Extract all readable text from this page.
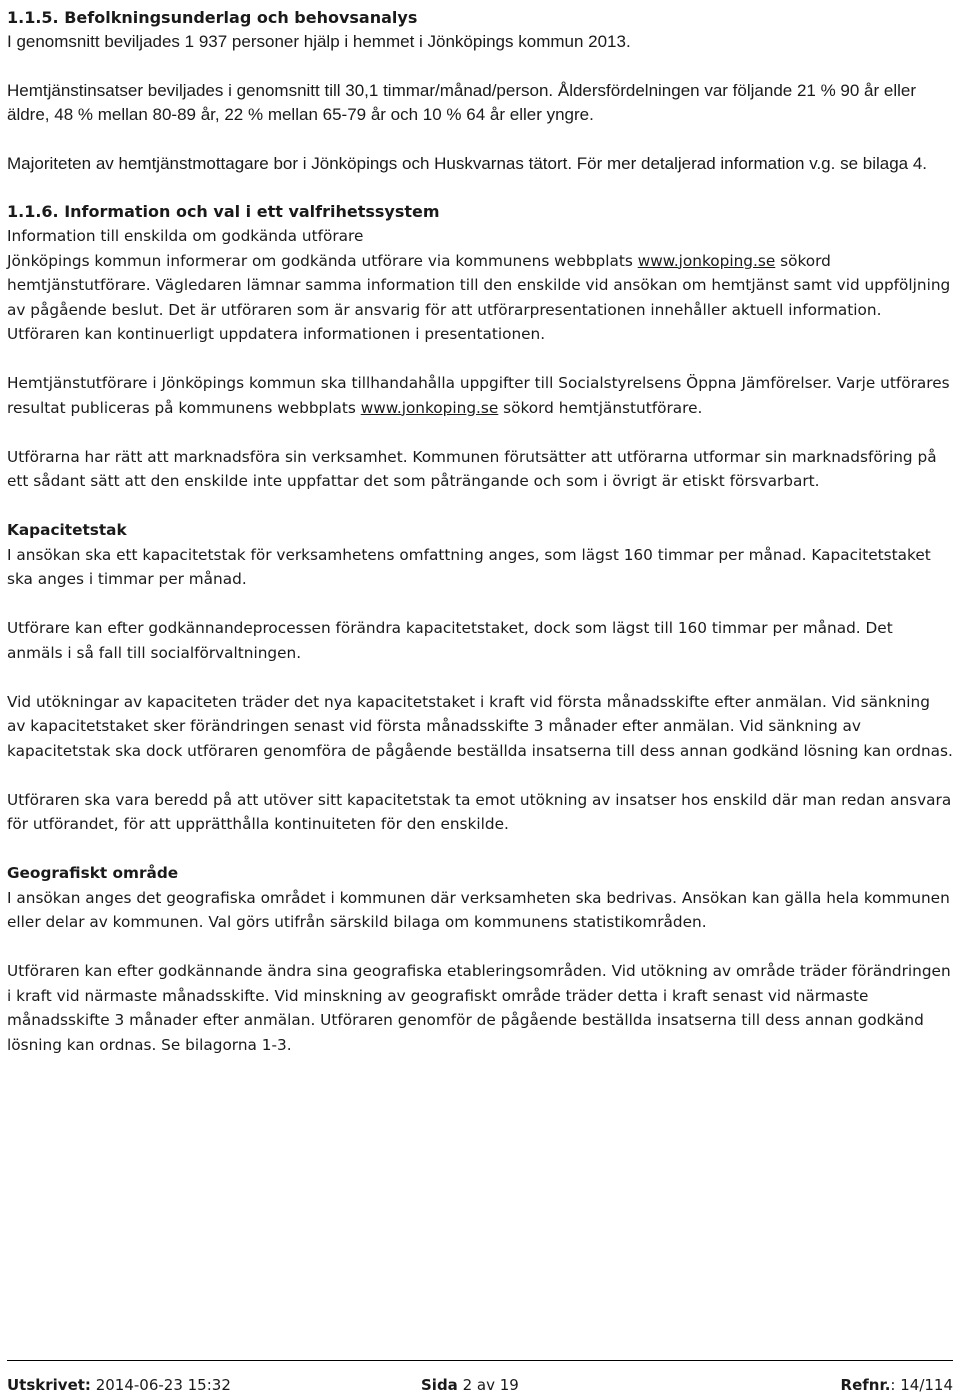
1.1.5. Befolkningsunderlag och behovsanalys

I genomsnitt beviljades 1 937 personer hjälp i hemmet i Jönköpings kommun 2013.

Hemtjänstinsatser beviljades i genomsnitt till 30,1 timmar/månad/person. Åldersfördelningen var följande 21 % 90 år eller äldre, 48 % mellan 80-89 år, 22 % mellan 65-79 år och 10 % 64 år eller yngre.

Majoriteten av hemtjänstmottagare bor i Jönköpings och Huskvarnas tätort. För mer detaljerad information v.g. se bilaga 4.

1.1.6. Information och val i ett valfrihetssystem

Information till enskilda om godkända utförare

Jönköpings kommun informerar om godkända utförare via kommunens webbplats www.jonkoping.se sökord hemtjänstutförare. Vägledaren lämnar samma information till den enskilde vid ansökan om hemtjänst samt vid uppföljning av pågående beslut. Det är utföraren som är ansvarig för att utförarpresentationen innehåller aktuell information. Utföraren kan kontinuerligt uppdatera informationen i presentationen.

Hemtjänstutförare i Jönköpings kommun ska tillhandahålla uppgifter till Socialstyrelsens Öppna Jämförelser. Varje utförares resultat publiceras på kommunens webbplats www.jonkoping.se sökord hemtjänstutförare.

Utförarna har rätt att marknadsföra sin verksamhet. Kommunen förutsätter att utförarna utformar sin marknadsföring på ett sådant sätt att den enskilde inte uppfattar det som påträngande och som i övrigt är etiskt försvarbart.

Kapacitetstak

I ansökan ska ett kapacitetstak för verksamhetens omfattning anges, som lägst 160 timmar per månad. Kapacitetstaket ska anges i timmar per månad.

Utförare kan efter godkännandeprocessen förändra kapacitetstaket, dock som lägst till 160 timmar per månad. Det anmäls i så fall till socialförvaltningen.

Vid utökningar av kapaciteten träder det nya kapacitetstaket i kraft vid första månadsskifte efter anmälan. Vid sänkning av kapacitetstaket sker förändringen senast vid första månadsskifte 3 månader efter anmälan. Vid sänkning av kapacitetstak ska dock utföraren genomföra de pågående beställda insatserna till dess annan godkänd lösning kan ordnas.

Utföraren ska vara beredd på att utöver sitt kapacitetstak ta emot utökning av insatser hos enskild där man redan ansvara för utförandet, för att upprätthålla kontinuiteten för den enskilde.

Geografiskt område

I ansökan anges det geografiska området i kommunen där verksamheten ska bedrivas. Ansökan kan gälla hela kommunen eller delar av kommunen. Val görs utifrån särskild bilaga om kommunens statistikområden.

Utföraren kan efter godkännande ändra sina geografiska etableringsområden. Vid utökning av område träder förändringen i kraft vid närmaste månadsskifte. Vid minskning av geografiskt område träder detta i kraft senast vid närmaste månadsskifte 3 månader efter anmälan. Utföraren genomför de pågående beställda insatserna till dess annan godkänd lösning kan ordnas. Se bilagorna 1-3.

Utskrivet: 2014-06-23 15:32	Sida 2 av 19	Refnr.: 14/114
